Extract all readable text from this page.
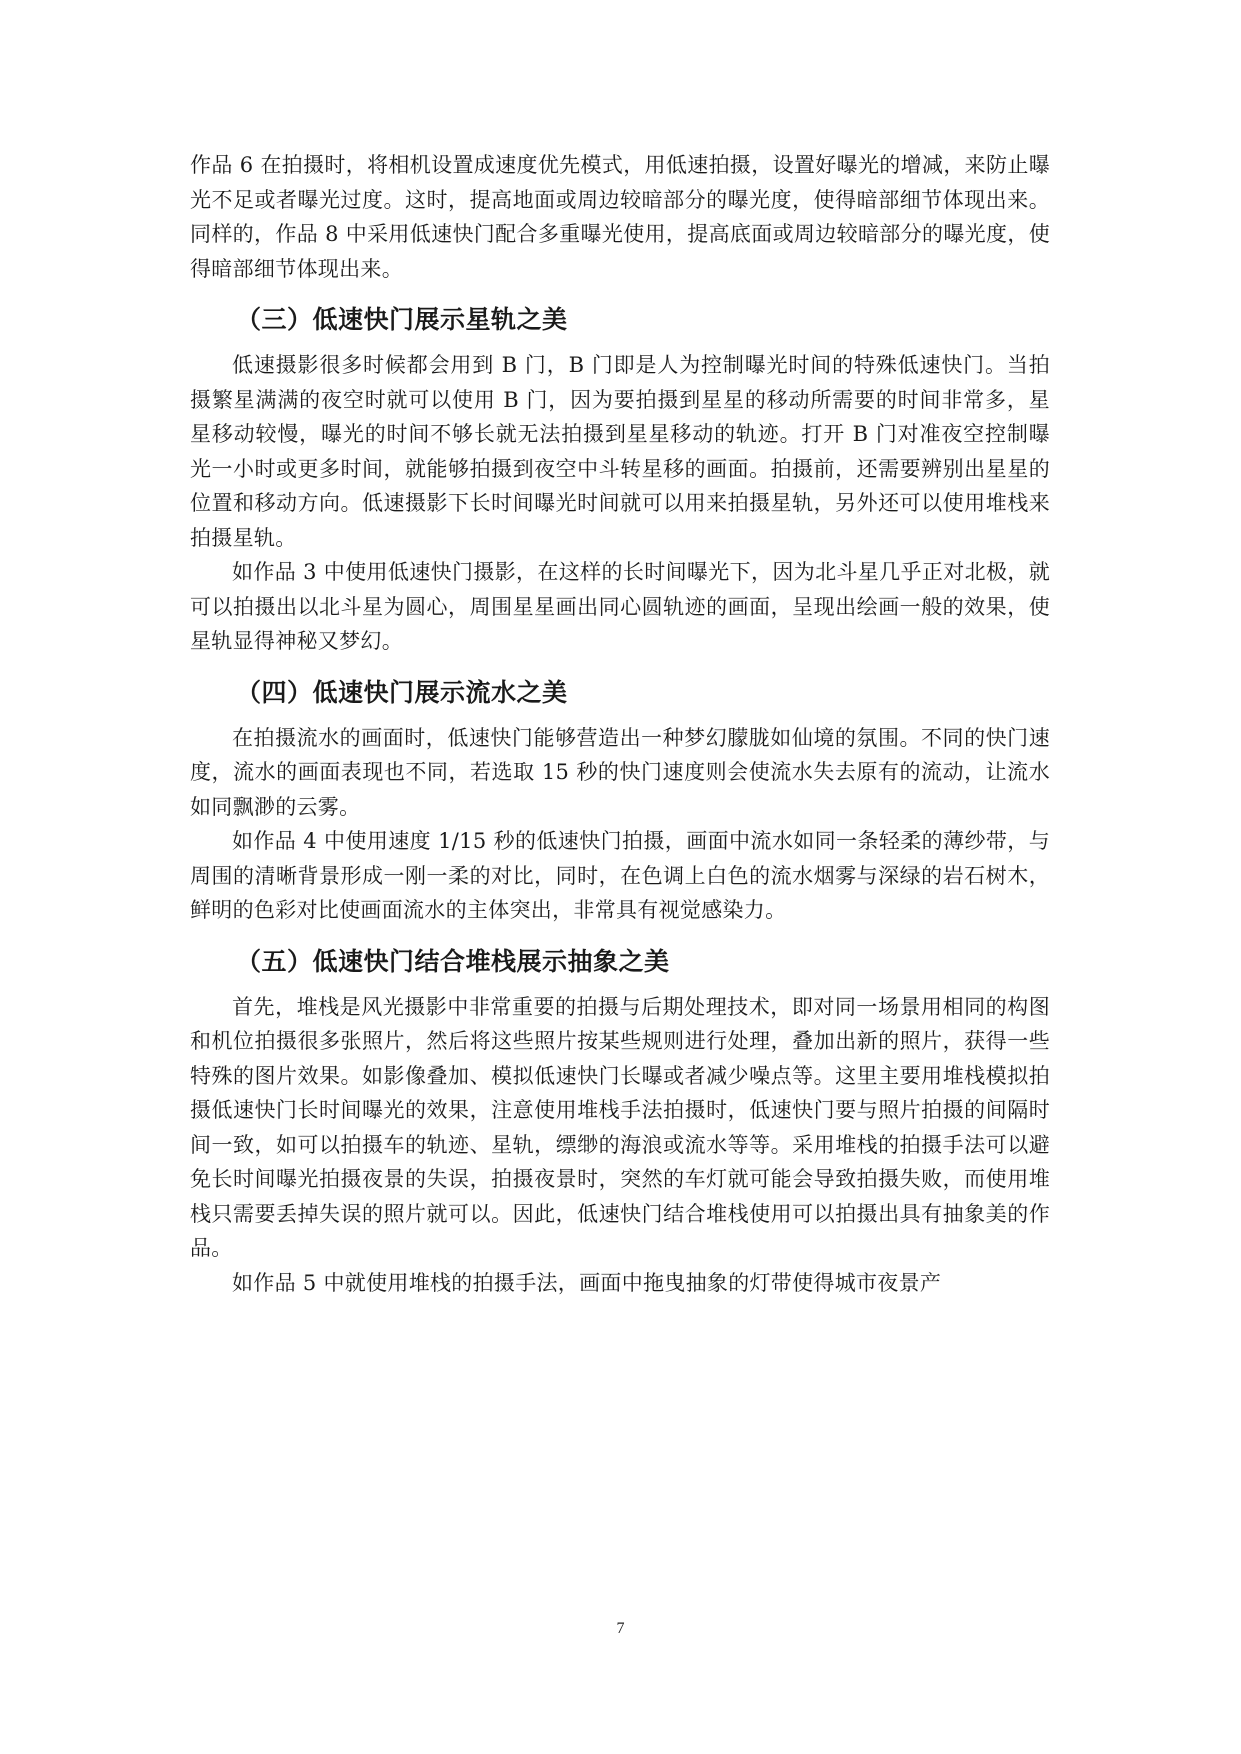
作品 6 在拍摄时，将相机设置成速度优先模式，用低速拍摄，设置好曝光的增减，来防止曝光不足或者曝光过度。这时，提高地面或周边较暗部分的曝光度，使得暗部细节体现出来。同样的，作品 8 中采用低速快门配合多重曝光使用，提高底面或周边较暗部分的曝光度，使得暗部细节体现出来。

（三）低速快门展示星轨之美

低速摄影很多时候都会用到 B 门，B 门即是人为控制曝光时间的特殊低速快门。当拍摄繁星满满的夜空时就可以使用 B 门，因为要拍摄到星星的移动所需要的时间非常多，星星移动较慢，曝光的时间不够长就无法拍摄到星星移动的轨迹。打开 B 门对准夜空控制曝光一小时或更多时间，就能够拍摄到夜空中斗转星移的画面。拍摄前，还需要辨别出星星的位置和移动方向。低速摄影下长时间曝光时间就可以用来拍摄星轨，另外还可以使用堆栈来拍摄星轨。

如作品 3 中使用低速快门摄影，在这样的长时间曝光下，因为北斗星几乎正对北极，就可以拍摄出以北斗星为圆心，周围星星画出同心圆轨迹的画面，呈现出绘画一般的效果，使星轨显得神秘又梦幻。

（四）低速快门展示流水之美

在拍摄流水的画面时，低速快门能够营造出一种梦幻朦胧如仙境的氛围。不同的快门速度，流水的画面表现也不同，若选取 15 秒的快门速度则会使流水失去原有的流动，让流水如同飘渺的云雾。

如作品 4 中使用速度 1/15 秒的低速快门拍摄，画面中流水如同一条轻柔的薄纱带，与周围的清晰背景形成一刚一柔的对比，同时，在色调上白色的流水烟雾与深绿的岩石树木，鲜明的色彩对比使画面流水的主体突出，非常具有视觉感染力。

（五）低速快门结合堆栈展示抽象之美

首先，堆栈是风光摄影中非常重要的拍摄与后期处理技术，即对同一场景用相同的构图和机位拍摄很多张照片，然后将这些照片按某些规则进行处理，叠加出新的照片，获得一些特殊的图片效果。如影像叠加、模拟低速快门长曝或者减少噪点等。这里主要用堆栈模拟拍摄低速快门长时间曝光的效果，注意使用堆栈手法拍摄时，低速快门要与照片拍摄的间隔时间一致，如可以拍摄车的轨迹、星轨，缥缈的海浪或流水等等。采用堆栈的拍摄手法可以避免长时间曝光拍摄夜景的失误，拍摄夜景时，突然的车灯就可能会导致拍摄失败，而使用堆栈只需要丢掉失误的照片就可以。因此，低速快门结合堆栈使用可以拍摄出具有抽象美的作品。

如作品 5 中就使用堆栈的拍摄手法，画面中拖曳抽象的灯带使得城市夜景产

7
